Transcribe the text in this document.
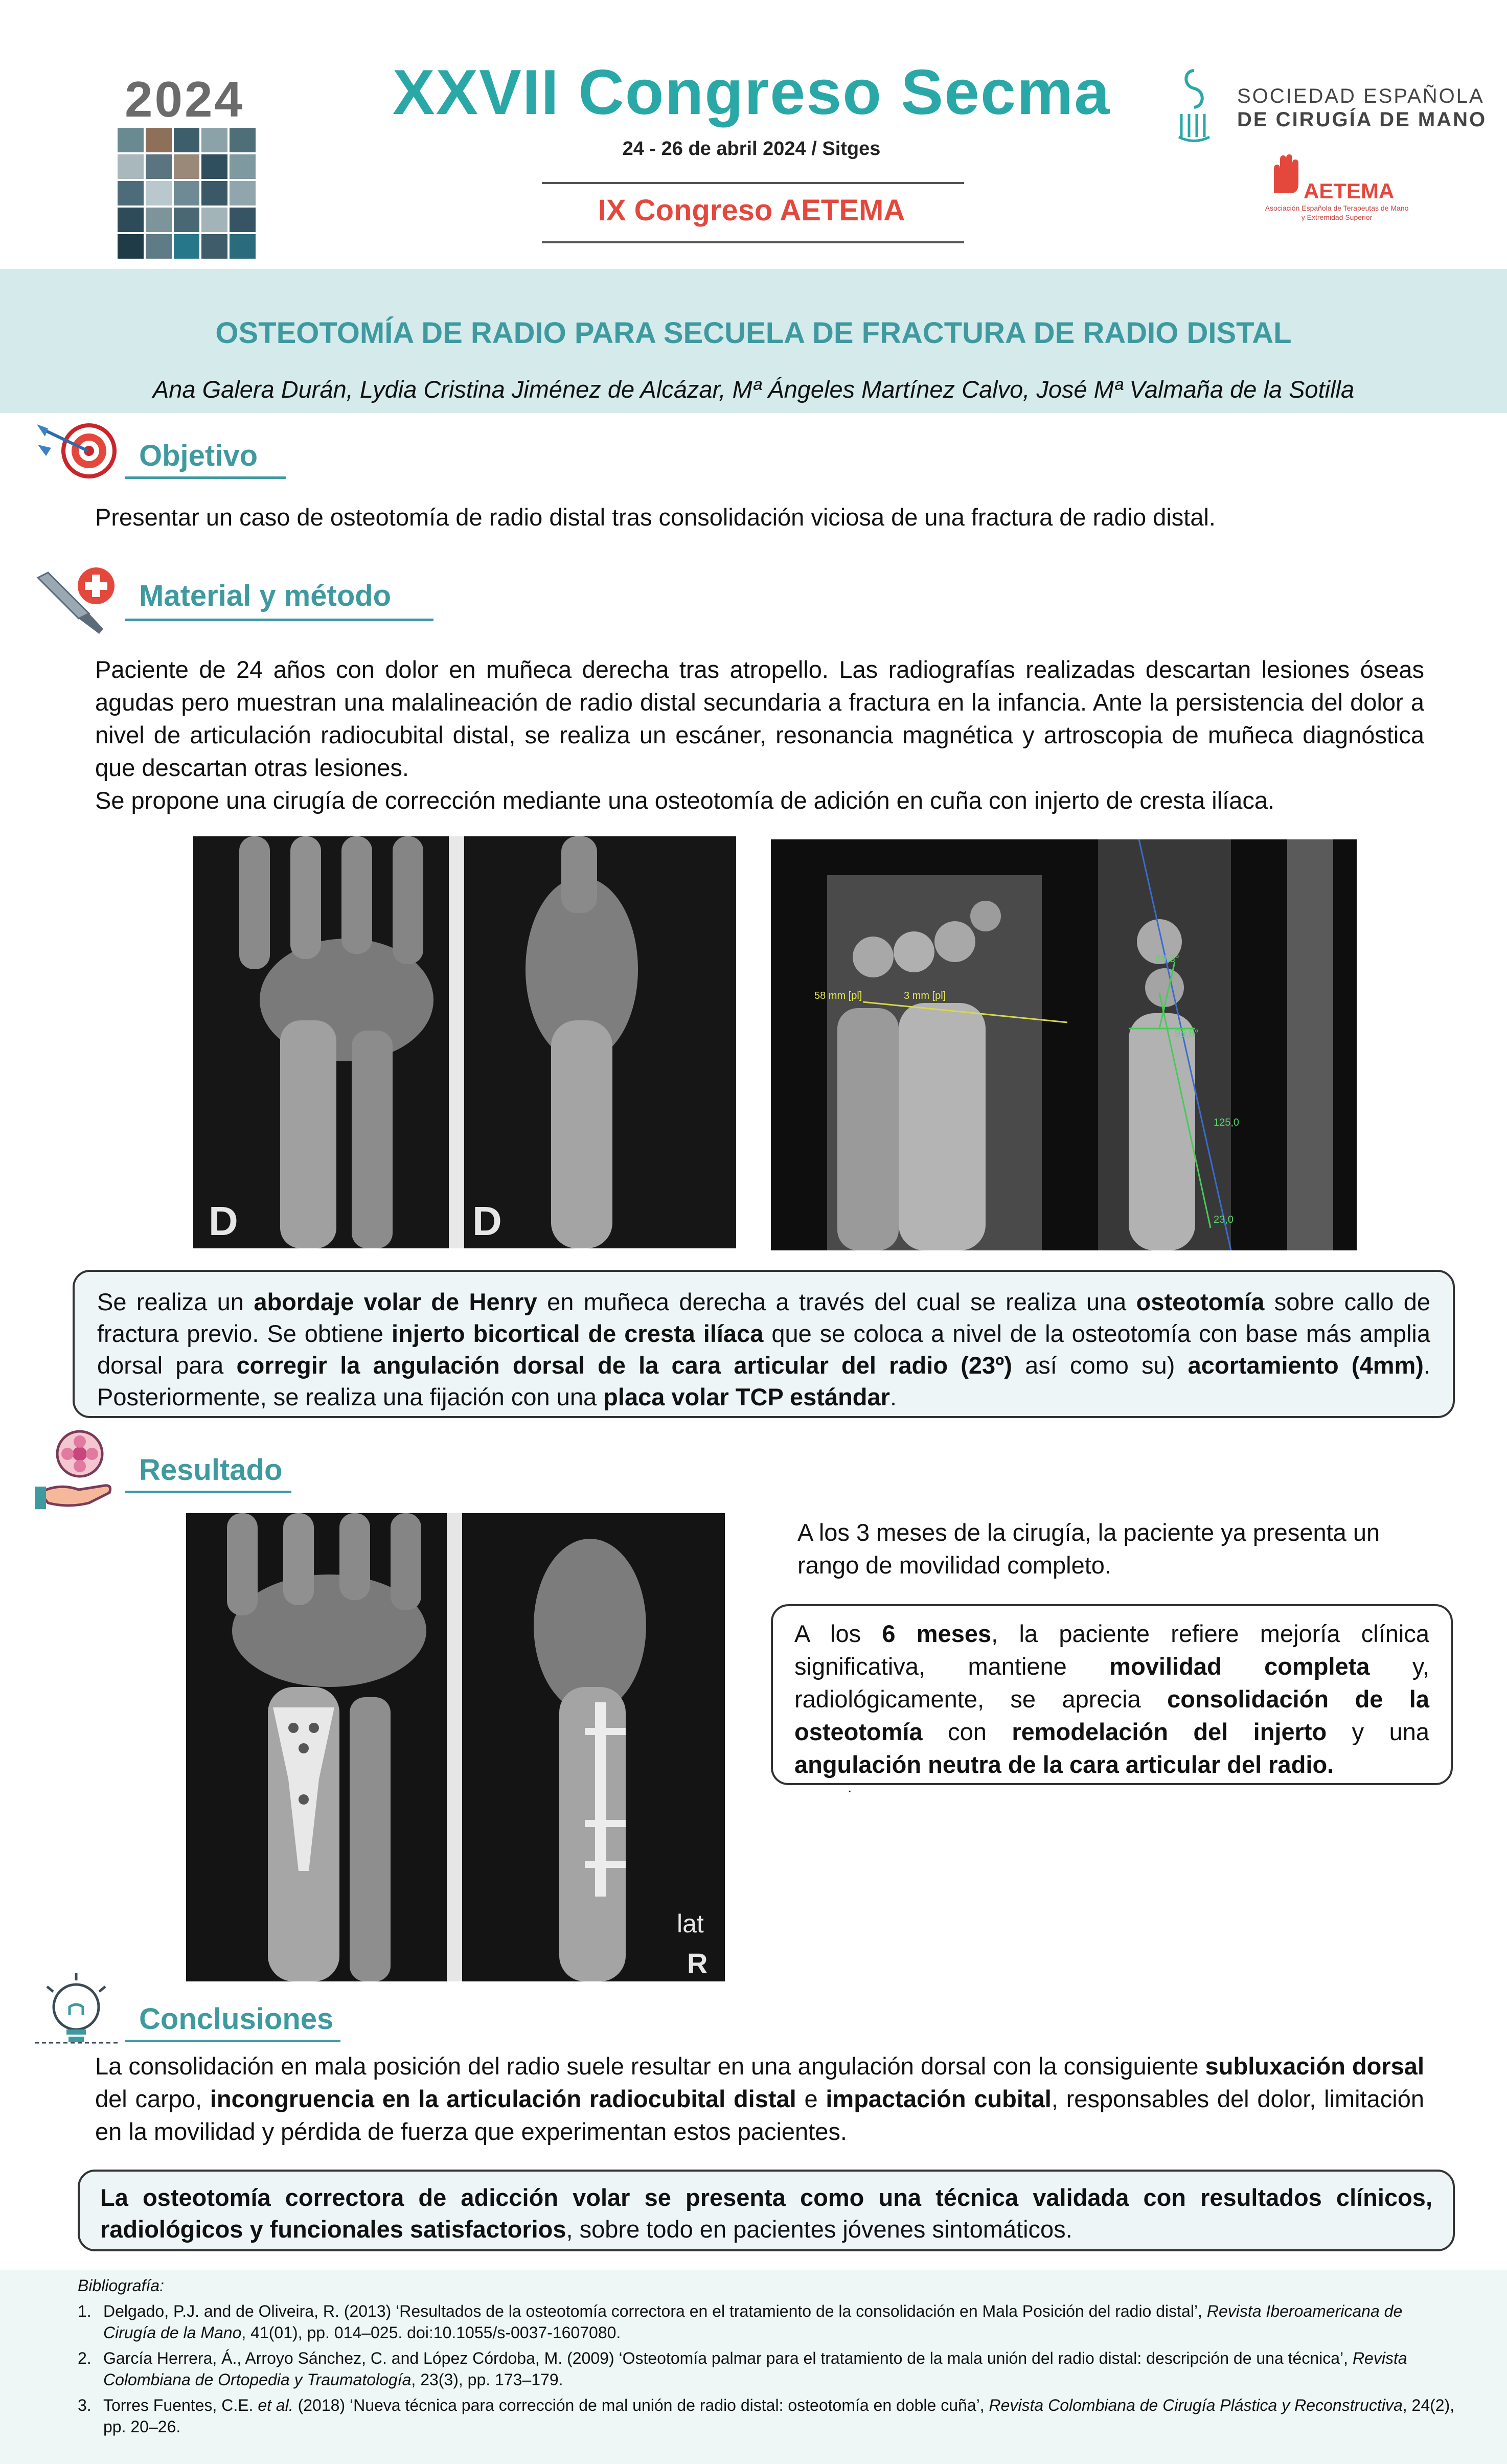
2024	XXVII Congreso Secma
24 - 26 de abril 2024 / Sitges
IX Congreso AETEMA
SOCIEDAD ESPAÑOLA
DE CIRUGÍA DE MANO
AETEMA
Asociación Española de Terapeutas de Mano y Extremidad Superior
OSTEOTOMÍA DE RADIO PARA SECUELA DE FRACTURA DE RADIO DISTAL
Ana Galera Durán, Lydia Cristina Jiménez de Alcázar, Mª Ángeles Martínez Calvo, José Mª Valmaña de la Sotilla
Objetivo
Presentar un caso de osteotomía de radio distal tras consolidación viciosa de una fractura de radio distal.
Material y método
Paciente de 24 años con dolor en muñeca derecha tras atropello. Las radiografías realizadas descartan lesiones óseas agudas pero muestran una malalineación de radio distal secundaria a fractura en la infancia. Ante la persistencia del dolor a nivel de articulación radiocubital distal, se realiza un escáner, resonancia magnética y artroscopia de muñeca diagnóstica que descartan otras lesiones.
Se propone una cirugía de corrección mediante una osteotomía de adición en cuña con injerto de cresta ilíaca.
D	D
58 mm [pl]	3 mm [pl]
89,3°
96,8°
125,0
23,0
Se realiza un abordaje volar de Henry en muñeca derecha a través del cual se realiza una osteotomía sobre callo de fractura previo. Se obtiene injerto bicortical de cresta ilíaca que se coloca a nivel de la osteotomía con base más amplia dorsal para corregir la angulación dorsal de la cara articular del radio (23º) así como su) acortamiento (4mm). Posteriormente, se realiza una fijación con una placa volar TCP estándar.
Resultado
lat
R
A los 3 meses de la cirugía, la paciente ya presenta un rango de movilidad completo.
A los 6 meses, la paciente refiere mejoría clínica significativa, mantiene movilidad completa y, radiológicamente, se aprecia consolidación de la osteotomía con remodelación del injerto y una angulación neutra de la cara articular del radio.
.
Conclusiones
La consolidación en mala posición del radio suele resultar en una angulación dorsal con la consiguiente subluxación dorsal del carpo, incongruencia en la articulación radiocubital distal e impactación cubital, responsables del dolor, limitación en la movilidad y pérdida de fuerza que experimentan estos pacientes.
La osteotomía correctora de adicción volar se presenta como una técnica validada con resultados clínicos, radiológicos y funcionales satisfactorios, sobre todo en pacientes jóvenes sintomáticos.
Bibliografía:
1. Delgado, P.J. and de Oliveira, R. (2013) ‘Resultados de la osteotomía correctora en el tratamiento de la consolidación en Mala Posición del radio distal’, Revista Iberoamericana de Cirugía de la Mano, 41(01), pp. 014–025. doi:10.1055/s-0037-1607080.
2. García Herrera, Á., Arroyo Sánchez, C. and López Córdoba, M. (2009) ‘Osteotomía palmar para el tratamiento de la mala unión del radio distal: descripción de una técnica’, Revista Colombiana de Ortopedia y Traumatología, 23(3), pp. 173–179.
3. Torres Fuentes, C.E. et al. (2018) ‘Nueva técnica para corrección de mal unión de radio distal: osteotomía en doble cuña’, Revista Colombiana de Cirugía Plástica y Reconstructiva, 24(2), pp. 20–26.
